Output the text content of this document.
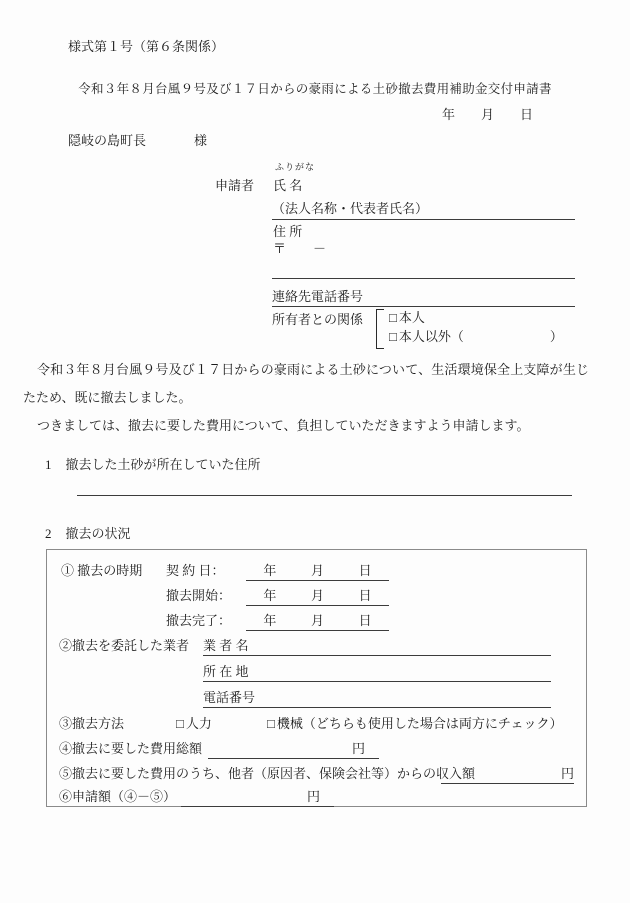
様式第１号（第６条関係）
令和３年８月台風９号及び１７日からの豪雨による土砂撤去費用補助金交付申請書
年　　月　　日
隠岐の島町長	様
申請者
ふりがな
氏 名
（法人名称・代表者氏名）
住 所
〒 －
連絡先電話番号
所有者との関係 □ 本人
□ 本人以外（	）

令和３年８月台風９号及び１７日からの豪雨による土砂について、生活環境保全上支障が生じたため、既に撤去しました。

つきましては、撤去に要した費用について、負担していただきますよう申請します。

1 撤去した土砂が所在していた住所
2 撤去の状況
① 撤去の時期 契 約 日：	年	月	日
撤去開始：	年	月	日
撤去完了：	年	月	日
②撤去を委託した業者 業 者 名
所 在 地
電話番号
③撤去方法	□ 人力	□ 機械（どちらも使用した場合は両方にチェック）
④撤去に要した費用総額	円
⑤撤去に要した費用のうち、他者（原因者、保険会社等）からの収入額	円
⑥申請額（④－⑤）	円
